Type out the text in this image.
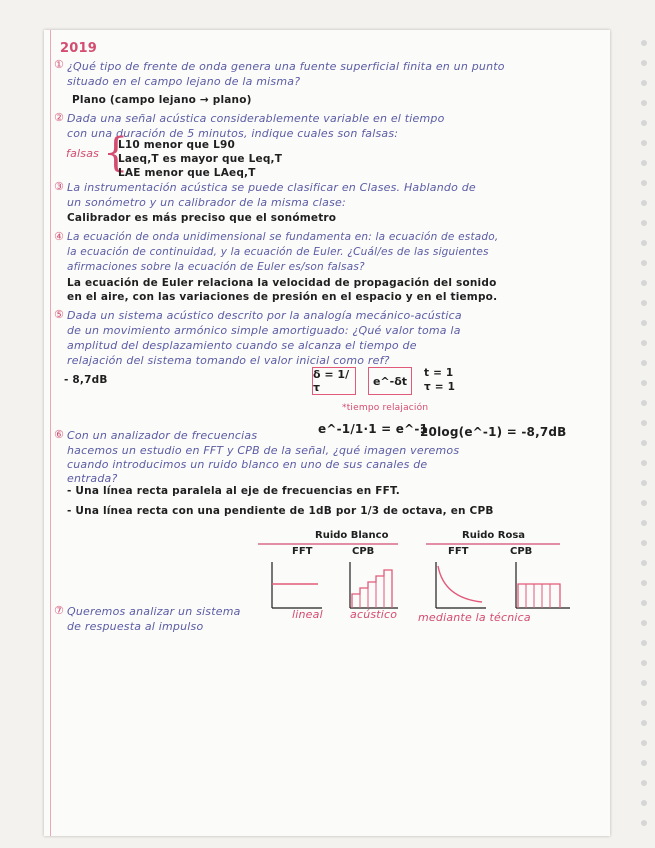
2019
① ¿Qué tipo de frente de onda genera una fuente superficial finita en un punto
situado en el campo lejano de la misma?
Plano (campo lejano → plano)
② Dada una señal acústica considerablemente variable en el tiempo
con una duración de 5 minutos, indique cuales son falsas:
falsas {
L10 menor que L90
Laeq,T es mayor que Leq,T
LAE menor que LAeq,T
③ La instrumentación acústica se puede clasificar en Clases. Hablando de
un sonómetro y un calibrador de la misma clase:
Calibrador es más preciso que el sonómetro
④ La ecuación de onda unidimensional se fundamenta en: la ecuación de estado,
la ecuación de continuidad, y la ecuación de Euler. ¿Cuál/es de las siguientes
afirmaciones sobre la ecuación de Euler es/son falsas?
La ecuación de Euler relaciona la velocidad de propagación del sonido
en el aire, con las variaciones de presión en el espacio y en el tiempo.
⑤ Dada un sistema acústico descrito por la analogía mecánico-acústica
de un movimiento armónico simple amortiguado: ¿Qué valor toma la
amplitud del desplazamiento cuando se alcanza el tiempo de
relajación del sistema tomando el valor inicial como ref?
- 8,7dB	δ = 1/τ	e^-δt
t = 1
τ = 1
*tiempo relajación
e^-1/1·1 = e^-1
20log(e^-1) = -8,7dB
⑥ Con un analizador de frecuencias
hacemos un estudio en FFT y CPB de la señal, ¿qué imagen veremos
cuando introducimos un ruido blanco en uno de sus canales de
entrada?
- Una línea recta paralela al eje de frecuencias en FFT.
- Una línea recta con una pendiente de 1dB por 1/3 de octava, en CPB
Ruido Blanco
FFT	CPB
Ruido Rosa
FFT	CPB
⑦ Queremos analizar un sistema
de respuesta al impulso
lineal acústico mediante la técnica
